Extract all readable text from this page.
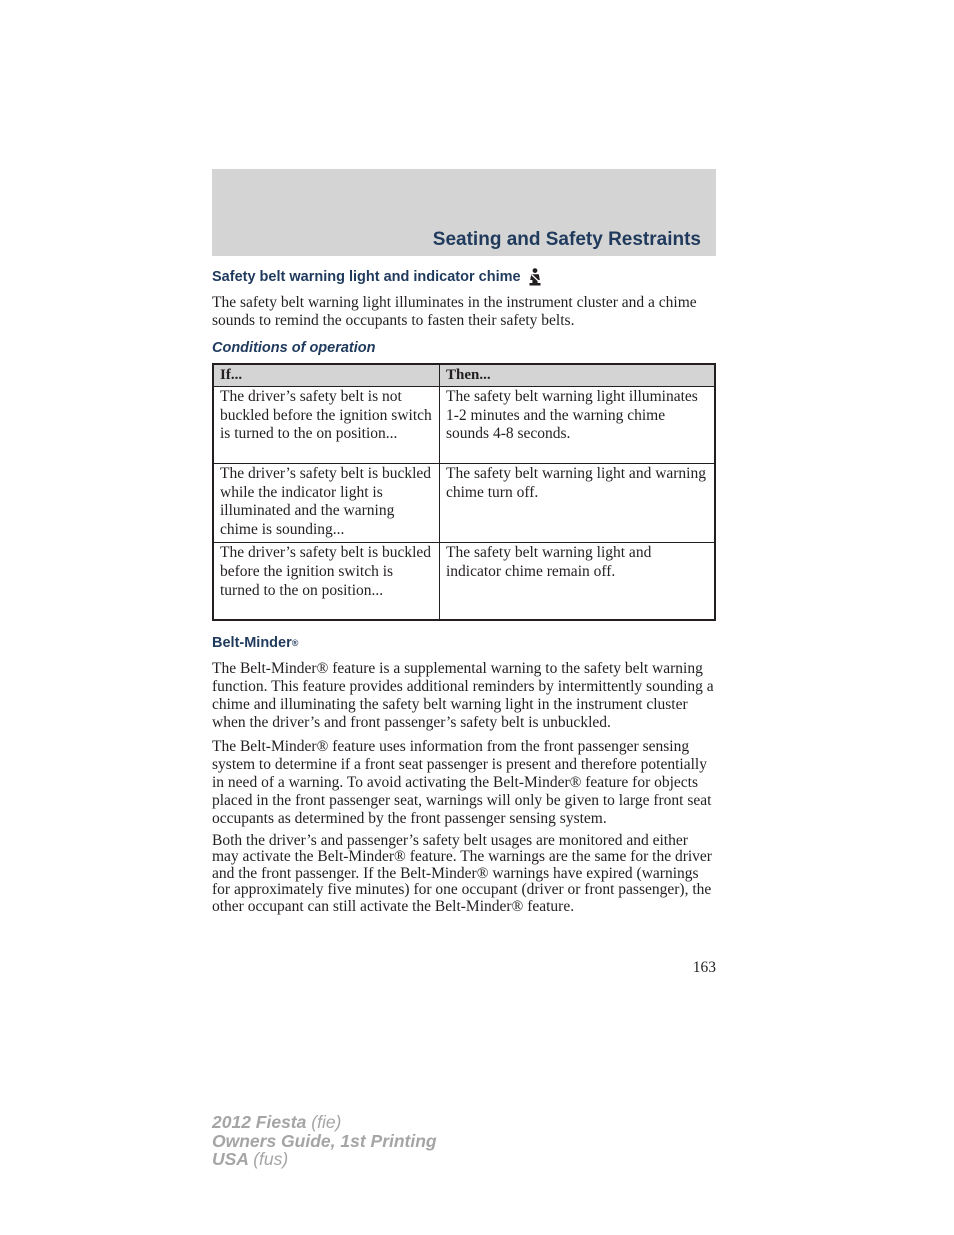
Seating and Safety Restraints
Safety belt warning light and indicator chime

The safety belt warning light illuminates in the instrument cluster and a chime sounds to remind the occupants to fasten their safety belts.

Conditions of operation
If...	Then...
The driver’s safety belt is not buckled before the ignition switch is turned to the on position...	The safety belt warning light illuminates 1-2 minutes and the warning chime sounds 4-8 seconds.
The driver’s safety belt is buckled while the indicator light is illuminated and the warning chime is sounding...	The safety belt warning light and warning chime turn off.
The driver’s safety belt is buckled before the ignition switch is turned to the on position...	The safety belt warning light and indicator chime remain off.
Belt-Minder ®

The Belt-Minder® feature is a supplemental warning to the safety belt warning function. This feature provides additional reminders by intermittently sounding a chime and illuminating the safety belt warning light in the instrument cluster when the driver’s and front passenger’s safety belt is unbuckled.

The Belt-Minder® feature uses information from the front passenger sensing system to determine if a front seat passenger is present and therefore potentially in need of a warning. To avoid activating the Belt-Minder® feature for objects placed in the front passenger seat, warnings will only be given to large front seat occupants as determined by the front passenger sensing system.

Both the driver’s and passenger’s safety belt usages are monitored and either may activate the Belt-Minder® feature. The warnings are the same for the driver and the front passenger. If the Belt-Minder® warnings have expired (warnings for approximately five minutes) for one occupant (driver or front passenger), the other occupant can still activate the Belt-Minder® feature.

163
2012 Fiesta (fie)
Owners Guide, 1st Printing
USA (fus)
